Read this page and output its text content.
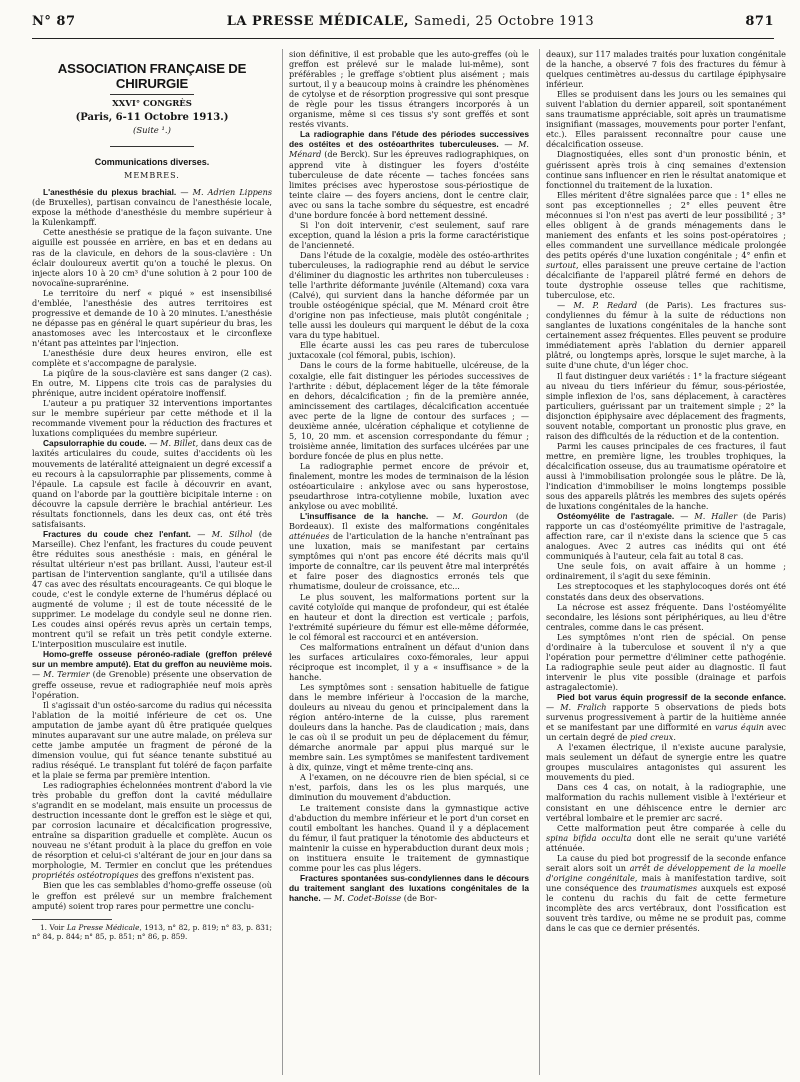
N° 87	LA PRESSE MÉDICALE, Samedi, 25 Octobre 1913	871
ASSOCIATION FRANÇAISE DE CHIRURGIE
XXVI° CONGRÈS
(Paris, 6-11 Octobre 1913.)
(Suite ¹.)
Communications diverses.
MEMBRES.

L'anesthésie du plexus brachial. — M. Adrien Lippens (de Bruxelles), partisan convaincu de l'anesthésie locale, expose la méthode d'anesthésie du membre supérieur à la Kulenkampff.

Cette anesthésie se pratique de la façon suivante. Une aiguille est poussée en arrière, en bas et en dedans au ras de la clavicule, en dehors de la sous-clavière : Un éclair douloureux avertit qu'on a touché le plexus. On injecte alors 10 à 20 cm³ d'une solution à 2 pour 100 de novocaïne-suprarénine.

Le territoire du nerf « piqué » est insensibilisé d'emblée, l'anesthésie des autres territoires est progressive et demande de 10 à 20 minutes. L'anesthésie ne dépasse pas en général le quart supérieur du bras, les anastomoses avec les intercostaux et le circonflexe n'étant pas atteintes par l'injection.

L'anesthésie dure deux heures environ, elle est complète et s'accompagne de paralysie.

La piqûre de la sous-clavière est sans danger (2 cas). En outre, M. Lippens cite trois cas de paralysies du phrénique, autre incident opératoire inoffensif.

L'auteur a pu pratiquer 32 interventions importantes sur le membre supérieur par cette méthode et il la recommande vivement pour la réduction des fractures et luxations compliquées du membre supérieur.

Capsulorraphie du coude. — M. Billet, dans deux cas de laxités articulaires du coude, suites d'accidents où les mouvements de latéralité atteignaient un degré excessif a eu recours à la capsulorraphie par plissements, comme à l'épaule. La capsule est facile à découvrir en avant, quand on l'aborde par la gouttière bicipitale interne : on découvre la capsule derrière le brachial antérieur. Les résultats fonctionnels, dans les deux cas, ont été très satisfaisants.

Fractures du coude chez l'enfant. — M. Silhol (de Marseille). Chez l'enfant, les fractures du coude peuvent être réduites sous anesthésie : mais, en général le résultat ultérieur n'est pas brillant. Aussi, l'auteur est-il partisan de l'intervention sanglante, qu'il a utilisée dans 47 cas avec des résultats encourageants. Ce qui bloque le coude, c'est le condyle externe de l'humérus déplacé ou augmenté de volume ; il est de toute nécessité de le supprimer. Le modelage du condyle seul ne donne rien. Les coudes ainsi opérés revus après un certain temps, montrent qu'il se refait un très petit condyle externe. L'interposition musculaire est inutile.

Homo-greffe osseuse péronéo-radiale (greffon prélevé sur un membre amputé). Etat du greffon au neuvième mois. — M. Termier (de Grenoble) présente une observation de greffe osseuse, revue et radiographiée neuf mois après l'opération.

Il s'agissait d'un ostéo-sarcome du radius qui nécessita l'ablation de la moitié inférieure de cet os. Une amputation de jambe ayant dû être pratiquée quelques minutes auparavant sur une autre malade, on préleva sur cette jambe amputée un fragment de péroné de la dimension voulue, qui fut séance tenante substitué au radius réséqué. Le transplant fut toléré de façon parfaite et la plaie se ferma par première intention.

Les radiographies échelonnées montrent d'abord la vie très probable du greffon dont la cavité médullaire s'agrandit en se modelant, mais ensuite un processus de destruction incessante dont le greffon est le siège et qui, par corrosion lacunaire et décalcification progressive, entraîne sa disparition graduelle et complète. Aucun os nouveau ne s'étant produit à la place du greffon en voie de résorption et celui-ci s'altérant de jour en jour dans sa morphologie, M. Termier en conclut que les prétendues propriétés ostéotropiques des greffons n'existent pas.

Bien que les cas semblables d'homo-greffe osseuse (où le greffon est prélevé sur un membre fraîchement amputé) soient trop rares pour permettre une conclu-

1. Voir La Presse Médicale, 1913, n° 82, p. 819; n° 83, p. 831; n° 84, p. 844; n° 85, p. 851; n° 86, p. 859.

sion définitive, il est probable que les auto-greffes (où le greffon est prélevé sur le malade lui-même), sont préférables ; le greffage s'obtient plus aisément ; mais surtout, il y a beaucoup moins à craindre les phénomènes de cytolyse et de résorption progressive qui sont presque de règle pour les tissus étrangers incorporés à un organisme, même si ces tissus s'y sont greffés et sont restés vivants.

La radiographie dans l'étude des périodes successives des ostéites et des ostéoarthrites tuberculeuses. — M. Ménard (de Berck). Sur les épreuves radiographiques, on apprend vite à distinguer les foyers d'ostéite tuberculeuse de date récente — taches foncées sans limites précises avec hyperostose sous-périostique de teinte claire — des foyers anciens, dont le centre clair, avec ou sans la tache sombre du séquestre, est encadré d'une bordure foncée à bord nettement dessiné.

Si l'on doit intervenir, c'est seulement, sauf rare exception, quand la lésion a pris la forme caractéristique de l'ancienneté.

Dans l'étude de la coxalgie, modèle des ostéo-arthrites tuberculeuses, la radiographie rend au début le service d'éliminer du diagnostic les arthrites non tuberculeuses : telle l'arthrite déformante juvénile (Altemand) coxa vara (Calvé), qui survient dans la hanche déformée par un trouble ostéogénique spécial, que M. Ménard croit être d'origine non pas infectieuse, mais plutôt congénitale ; telle aussi les douleurs qui marquent le début de la coxa vara du type habituel.

Elle écarte aussi les cas peu rares de tuberculose juxtacoxale (col fémoral, pubis, ischion).

Dans le cours de la forme habituelle, ulcéreuse, de la coxalgie, elle fait distinguer les périodes successives de l'arthrite : début, déplacement léger de la tête fémorale en dehors, décalcification ; fin de la première année, amincissement des cartilages, décalcification accentuée avec perte de la ligne de contour des surfaces ; — deuxième année, ulcération céphalique et cotylienne de 5, 10, 20 mm. et ascension correspondante du fémur ; troisième année, limitation des surfaces ulcérées par une bordure foncée de plus en plus nette.

La radiographie permet encore de prévoir et, finalement, montre les modes de terminaison de la lésion ostéoarticulaire : ankylose avec ou sans hyperostose, pseudarthrose intra-cotylienne mobile, luxation avec ankylose ou avec mobilité.

L'insuffisance de la hanche. — M. Gourdon (de Bordeaux). Il existe des malformations congénitales atténuées de l'articulation de la hanche n'entraînant pas une luxation, mais se manifestant par certains symptômes qui n'ont pas encore été décrits mais qu'il importe de connaître, car ils peuvent être mal interprétés et faire poser des diagnostics erronés tels que rhumatisme, douleur de croissance, etc...

Le plus souvent, les malformations portent sur la cavité cotyloïde qui manque de profondeur, qui est étalée en hauteur et dont la direction est verticale ; parfois, l'extrémité supérieure du fémur est elle-même déformée, le col fémoral est raccourci et en antéversion.

Ces malformations entraînent un défaut d'union dans les surfaces articulaires coxo-fémorales, leur appui réciproque est incomplet, il y a « insuffisance » de la hanche.

Les symptômes sont : sensation habituelle de fatigue dans le membre inférieur à l'occasion de la marche, douleurs au niveau du genou et principalement dans la région antéro-interne de la cuisse, plus rarement douleurs dans la hanche. Pas de claudication ; mais, dans le cas où il se produit un peu de déplacement du fémur, démarche anormale par appui plus marqué sur le membre sain. Les symptômes se manifestent tardivement à dix, quinze, vingt et même trente-cinq ans.

A l'examen, on ne découvre rien de bien spécial, si ce n'est, parfois, dans les os les plus marqués, une diminution du mouvement d'abduction.

Le traitement consiste dans la gymnastique active d'abduction du membre inférieur et le port d'un corset en coutil emboîtant les hanches. Quand il y a déplacement du fémur, il faut pratiquer la ténotomie des abducteurs et maintenir la cuisse en hyperabduction durant deux mois ; on instituera ensuite le traitement de gymnastique comme pour les cas plus légers.

Fractures spontanées sus-condyliennes dans le décours du traitement sanglant des luxations congénitales de la hanche. — M. Codet-Boisse (de Bor-

deaux), sur 117 malades traités pour luxation congénitale de la hanche, a observé 7 fois des fractures du fémur à quelques centimètres au-dessus du cartilage épiphysaire inférieur.

Elles se produisent dans les jours ou les semaines qui suivent l'ablation du dernier appareil, soit spontanément sans traumatisme appréciable, soit après un traumatisme insignifiant (massages, mouvements pour porter l'enfant, etc.). Elles paraissent reconnaître pour cause une décalcification osseuse.

Diagnostiquées, elles sont d'un pronostic bénin, et guérissent après trois à cinq semaines d'extension continue sans influencer en rien le résultat anatomique et fonctionnel du traitement de la luxation.

Elles méritent d'être signalées parce que : 1° elles ne sont pas exceptionnelles ; 2° elles peuvent être méconnues si l'on n'est pas averti de leur possibilité ; 3° elles obligent à de grands ménagements dans le maniement des enfants et les soins post-opératoires ; elles commandent une surveillance médicale prolongée des petits opérés d'une luxation congénitale ; 4° enfin et surtout, elles paraissent une preuve certaine de l'action décalcifiante de l'appareil plâtré fermé en dehors de toute dystrophie osseuse telles que rachitisme, tuberculose, etc.

— M. P. Redard (de Paris). Les fractures sus-condyliennes du fémur à la suite de réductions non sanglantes de luxations congénitales de la hanche sont certainement assez fréquentes. Elles peuvent se produire immédiatement après l'ablation du dernier appareil plâtré, ou longtemps après, lorsque le sujet marche, à la suite d'une chute, d'un léger choc.

Il faut distinguer deux variétés : 1° la fracture siégeant au niveau du tiers inférieur du fémur, sous-périostée, simple inflexion de l'os, sans déplacement, à caractères particuliers, guérissant par un traitement simple ; 2° la disjonction épiphysaire avec déplacement des fragments, souvent notable, comportant un pronostic plus grave, en raison des difficultés de la réduction et de la contention.

Parmi les causes principales de ces fractures, il faut mettre, en première ligne, les troubles trophiques, la décalcification osseuse, dus au traumatisme opératoire et aussi à l'immobilisation prolongée sous le plâtre. De là, l'indication d'immobiliser le moins longtemps possible sous des appareils plâtrés les membres des sujets opérés de luxations congénitales de la hanche.

Ostéomyélite de l'astragale. — M. Haller (de Paris) rapporte un cas d'ostéomyélite primitive de l'astragale, affection rare, car il n'existe dans la science que 5 cas analogues. Avec 2 autres cas inédits qui ont été communiqués à l'auteur, cela fait au total 8 cas.

Une seule fois, on avait affaire à un homme ; ordinairement, il s'agit du sexe féminin.

Les streptocoques et les staphylocoques dorés ont été constatés dans deux des observations.

La nécrose est assez fréquente. Dans l'ostéomyélite secondaire, les lésions sont périphériques, au lieu d'être centrales, comme dans le cas présent.

Les symptômes n'ont rien de spécial. On pense d'ordinaire à la tuberculose et souvent il n'y a que l'opération pour permettre d'éliminer cette pathogénie. La radiographie seule peut aider au diagnostic. Il faut intervenir le plus vite possible (drainage et parfois astragalectomie).

Pied bot varus équin progressif de la seconde enfance. — M. Fralich rapporte 5 observations de pieds bots survenus progressivement à partir de la huitième année et se manifestant par une difformité en varus équin avec un certain degré de pied creux.

A l'examen électrique, il n'existe aucune paralysie, mais seulement un défaut de synergie entre les quatre groupes musculaires antagonistes qui assurent les mouvements du pied.

Dans ces 4 cas, on notait, à la radiographie, une malformation du rachis nullement visible à l'extérieur et consistant en une déhiscence entre le dernier arc vertébral lombaire et le premier arc sacré.

Cette malformation peut être comparée à celle du spina bifida occulta dont elle ne serait qu'une variété atténuée.

La cause du pied bot progressif de la seconde enfance serait alors soit un arrêt de développement de la moelle d'origine congénitale, mais à manifestation tardive, soit une conséquence des traumatismes auxquels est exposé le contenu du rachis du fait de cette fermeture incomplète des arcs vertébraux, dont l'ossification est souvent très tardive, ou même ne se produit pas, comme dans le cas que ce dernier présentés.
